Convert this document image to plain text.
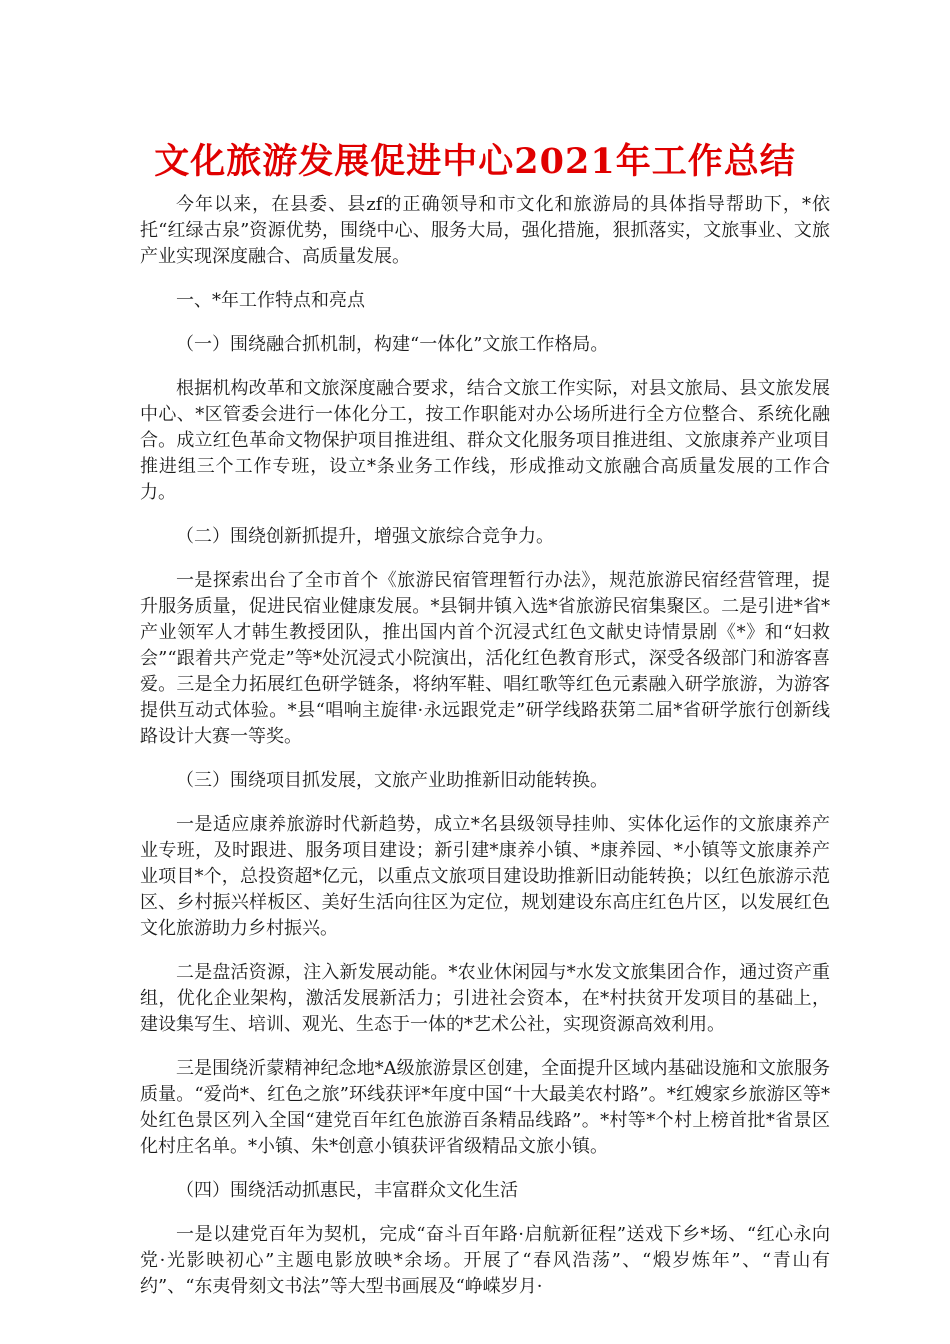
文化旅游发展促进中心2021年工作总结

今年以来，在县委、县zf的正确领导和市文化和旅游局的具体指导帮助下，*依托“红绿古泉”资源优势，围绕中心、服务大局，强化措施，狠抓落实，文旅事业、文旅产业实现深度融合、高质量发展。

一、*年工作特点和亮点

（一）围绕融合抓机制，构建“一体化”文旅工作格局。

根据机构改革和文旅深度融合要求，结合文旅工作实际，对县文旅局、县文旅发展中心、*区管委会进行一体化分工，按工作职能对办公场所进行全方位整合、系统化融合。成立红色革命文物保护项目推进组、群众文化服务项目推进组、文旅康养产业项目推进组三个工作专班，设立*条业务工作线，形成推动文旅融合高质量发展的工作合力。

（二）围绕创新抓提升，增强文旅综合竞争力。

一是探索出台了全市首个《旅游民宿管理暂行办法》，规范旅游民宿经营管理，提升服务质量，促进民宿业健康发展。*县铜井镇入选*省旅游民宿集聚区。二是引进*省*产业领军人才韩生教授团队，推出国内首个沉浸式红色文献史诗情景剧《*》和“妇救会”“跟着共产党走”等*处沉浸式小院演出，活化红色教育形式，深受各级部门和游客喜爱。三是全力拓展红色研学链条，将纳军鞋、唱红歌等红色元素融入研学旅游，为游客提供互动式体验。*县“唱响主旋律·永远跟党走”研学线路获第二届*省研学旅行创新线路设计大赛一等奖。

（三）围绕项目抓发展，文旅产业助推新旧动能转换。

一是适应康养旅游时代新趋势，成立*名县级领导挂帅、实体化运作的文旅康养产业专班，及时跟进、服务项目建设；新引建*康养小镇、*康养园、*小镇等文旅康养产业项目*个，总投资超*亿元，以重点文旅项目建设助推新旧动能转换；以红色旅游示范区、乡村振兴样板区、美好生活向往区为定位，规划建设东高庄红色片区，以发展红色文化旅游助力乡村振兴。

二是盘活资源，注入新发展动能。*农业休闲园与*水发文旅集团合作，通过资产重组，优化企业架构，激活发展新活力；引进社会资本，在*村扶贫开发项目的基础上，建设集写生、培训、观光、生态于一体的*艺术公社，实现资源高效利用。

三是围绕沂蒙精神纪念地*A级旅游景区创建，全面提升区域内基础设施和文旅服务质量。“爱尚*、红色之旅”环线获评*年度中国“十大最美农村路”。*红嫂家乡旅游区等*处红色景区列入全国“建党百年红色旅游百条精品线路”。*村等*个村上榜首批*省景区化村庄名单。*小镇、朱*创意小镇获评省级精品文旅小镇。

（四）围绕活动抓惠民，丰富群众文化生活

一是以建党百年为契机，完成“奋斗百年路·启航新征程”送戏下乡*场、“红心永向党·光影映初心”主题电影放映*余场。开展了“春风浩荡”、“煅岁炼年”、“青山有约”、“东夷骨刻文书法”等大型书画展及“峥嵘岁月·
